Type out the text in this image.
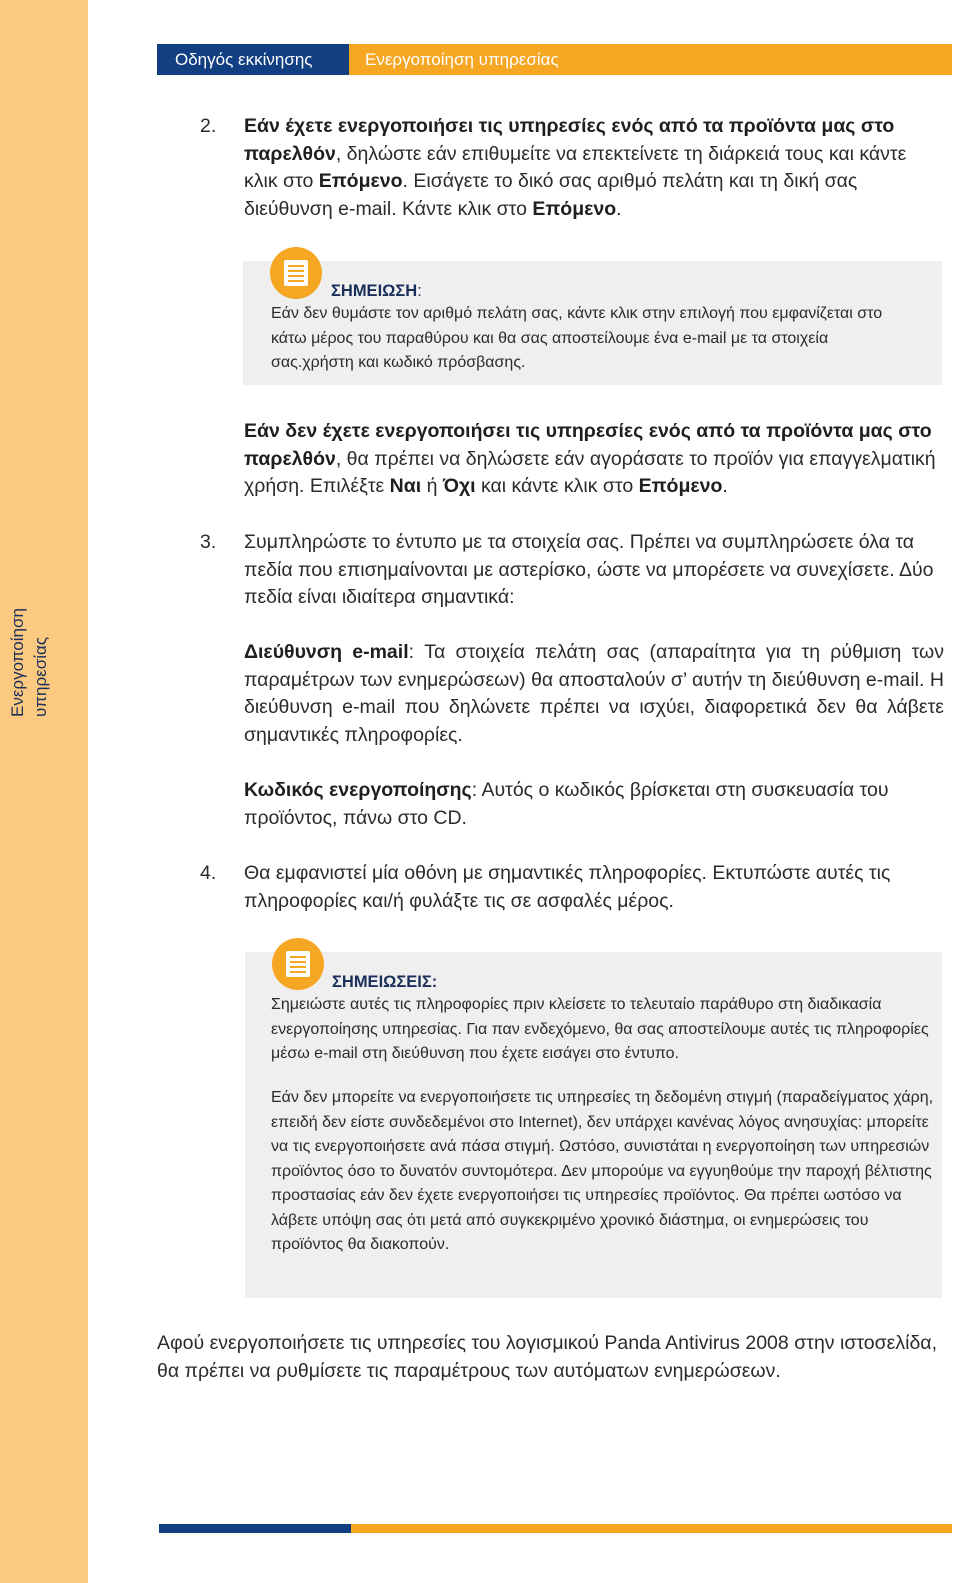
Ενεργοποίηση υπηρεσίας
Οδηγός εκκίνησης	Ενεργοποίηση υπηρεσίας
2. Εάν έχετε ενεργοποιήσει τις υπηρεσίες ενός από τα προϊόντα μας στο παρελθόν, δηλώστε εάν επιθυμείτε να επεκτείνετε τη διάρκειά τους και κάντε κλικ στο Επόμενο. Εισάγετε το δικό σας αριθμό πελάτη και τη δική σας διεύθυνση e-mail. Κάντε κλικ στο Επόμενο.
ΣΗΜΕΙΩΣΗ:
Εάν δεν θυμάστε τον αριθμό πελάτη σας, κάντε κλικ στην επιλογή που εμφανίζεται στο κάτω μέρος του παραθύρου και θα σας αποστείλουμε ένα e-mail με τα στοιχεία σας.χρήστη και κωδικό πρόσβασης.
Εάν δεν έχετε ενεργοποιήσει τις υπηρεσίες ενός από τα προϊόντα μας στο παρελθόν, θα πρέπει να δηλώσετε εάν αγοράσατε το προϊόν για επαγγελματική χρήση. Επιλέξτε Ναι ή Όχι και κάντε κλικ στο Επόμενο.
3. Συμπληρώστε το έντυπο με τα στοιχεία σας. Πρέπει να συμπληρώσετε όλα τα πεδία που επισημαίνονται με αστερίσκο, ώστε να μπορέσετε να συνεχίσετε. Δύο πεδία είναι ιδιαίτερα σημαντικά:
Διεύθυνση e-mail: Τα στοιχεία πελάτη σας (απαραίτητα για τη ρύθμιση των παραμέτρων των ενημερώσεων) θα αποσταλούν σ’ αυτήν τη διεύθυνση e-mail. Η διεύθυνση e-mail που δηλώνετε πρέπει να ισχύει, διαφορετικά δεν θα λάβετε σημαντικές πληροφορίες.
Κωδικός ενεργοποίησης: Αυτός ο κωδικός βρίσκεται στη συσκευασία του προϊόντος, πάνω στο CD.
4. Θα εμφανιστεί μία οθόνη με σημαντικές πληροφορίες. Εκτυπώστε αυτές τις πληροφορίες και/ή φυλάξτε τις σε ασφαλές μέρος.
ΣΗΜΕΙΩΣΕΙΣ:
Σημειώστε αυτές τις πληροφορίες πριν κλείσετε το τελευταίο παράθυρο στη διαδικασία ενεργοποίησης υπηρεσίας. Για παν ενδεχόμενο, θα σας αποστείλουμε αυτές τις πληροφορίες μέσω e-mail στη διεύθυνση που έχετε εισάγει στο έντυπο.
Εάν δεν μπορείτε να ενεργοποιήσετε τις υπηρεσίες τη δεδομένη στιγμή (παραδείγματος χάρη, επειδή δεν είστε συνδεδεμένοι στο Internet), δεν υπάρχει κανένας λόγος ανησυχίας: μπορείτε να τις ενεργοποιήσετε ανά πάσα στιγμή. Ωστόσο, συνιστάται η ενεργοποίηση των υπηρεσιών προϊόντος όσο το δυνατόν συντομότερα. Δεν μπορούμε να εγγυηθούμε την παροχή βέλτιστης προστασίας εάν δεν έχετε ενεργοποιήσει τις υπηρεσίες προϊόντος. Θα πρέπει ωστόσο να λάβετε υπόψη σας ότι μετά από συγκεκριμένο χρονικό διάστημα, οι ενημερώσεις του προϊόντος θα διακοπούν.
Αφού ενεργοποιήσετε τις υπηρεσίες του λογισμικού Panda Antivirus 2008 στην ιστοσελίδα, θα πρέπει να ρυθμίσετε τις παραμέτρους των αυτόματων ενημερώσεων.
